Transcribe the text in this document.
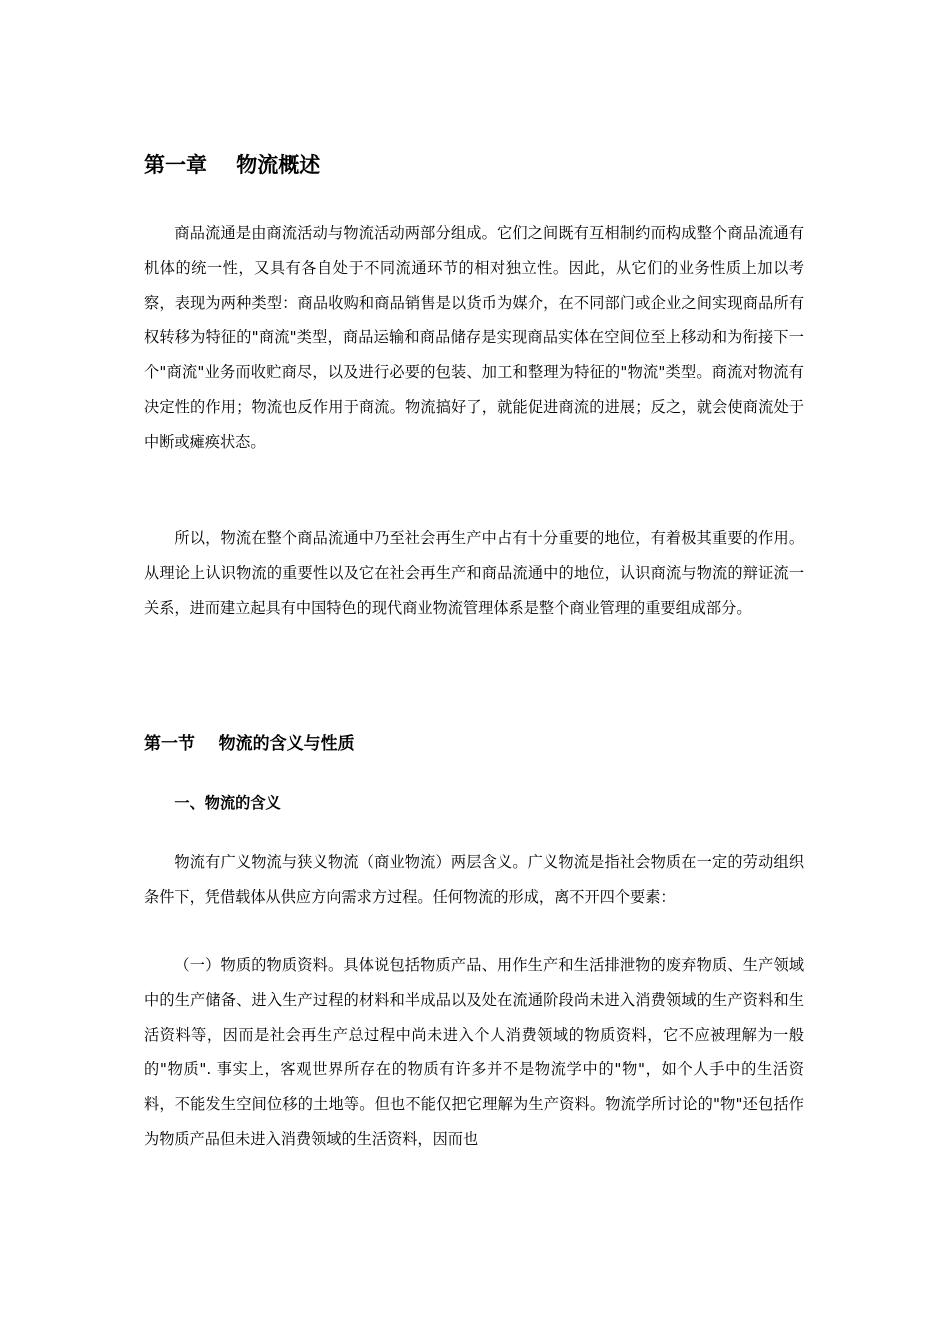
第一章    物流概述

商品流通是由商流活动与物流活动两部分组成。它们之间既有互相制约而构成整个商品流通有机体的统一性，又具有各自处于不同流通环节的相对独立性。因此，从它们的业务性质上加以考察，表现为两种类型：商品收购和商品销售是以货币为媒介，在不同部门或企业之间实现商品所有权转移为特征的"商流"类型，商品运输和商品储存是实现商品实体在空间位至上移动和为衔接下一个"商流"业务而收贮商尽，以及进行必要的包装、加工和整理为特征的"物流"类型。商流对物流有决定性的作用；物流也反作用于商流。物流搞好了，就能促进商流的进展；反之，就会使商流处于中断或瘫痪状态。

所以，物流在整个商品流通中乃至社会再生产中占有十分重要的地位，有着极其重要的作用。从理论上认识物流的重要性以及它在社会再生产和商品流通中的地位，认识商流与物流的辩证流一关系，进而建立起具有中国特色的现代商业物流管理体系是整个商业管理的重要组成部分。

第一节    物流的含义与性质
一、物流的含义

物流有广义物流与狭义物流（商业物流）两层含义。广义物流是指社会物质在一定的劳动组织条件下，凭借载体从供应方向需求方过程。任何物流的形成，离不开四个要素：

（一）物质的物质资料。具体说包括物质产品、用作生产和生活排泄物的废弃物质、生产领域中的生产储备、进入生产过程的材料和半成品以及处在流通阶段尚未进入消费领域的生产资料和生活资料等，因而是社会再生产总过程中尚未进入个人消费领域的物质资料，它不应被理解为一般的"物质". 事实上，客观世界所存在的物质有许多并不是物流学中的"物"，如个人手中的生活资料，不能发生空间位移的土地等。但也不能仅把它理解为生产资料。物流学所讨论的"物"还包括作为物质产品但未进入消费领域的生活资料，因而也
